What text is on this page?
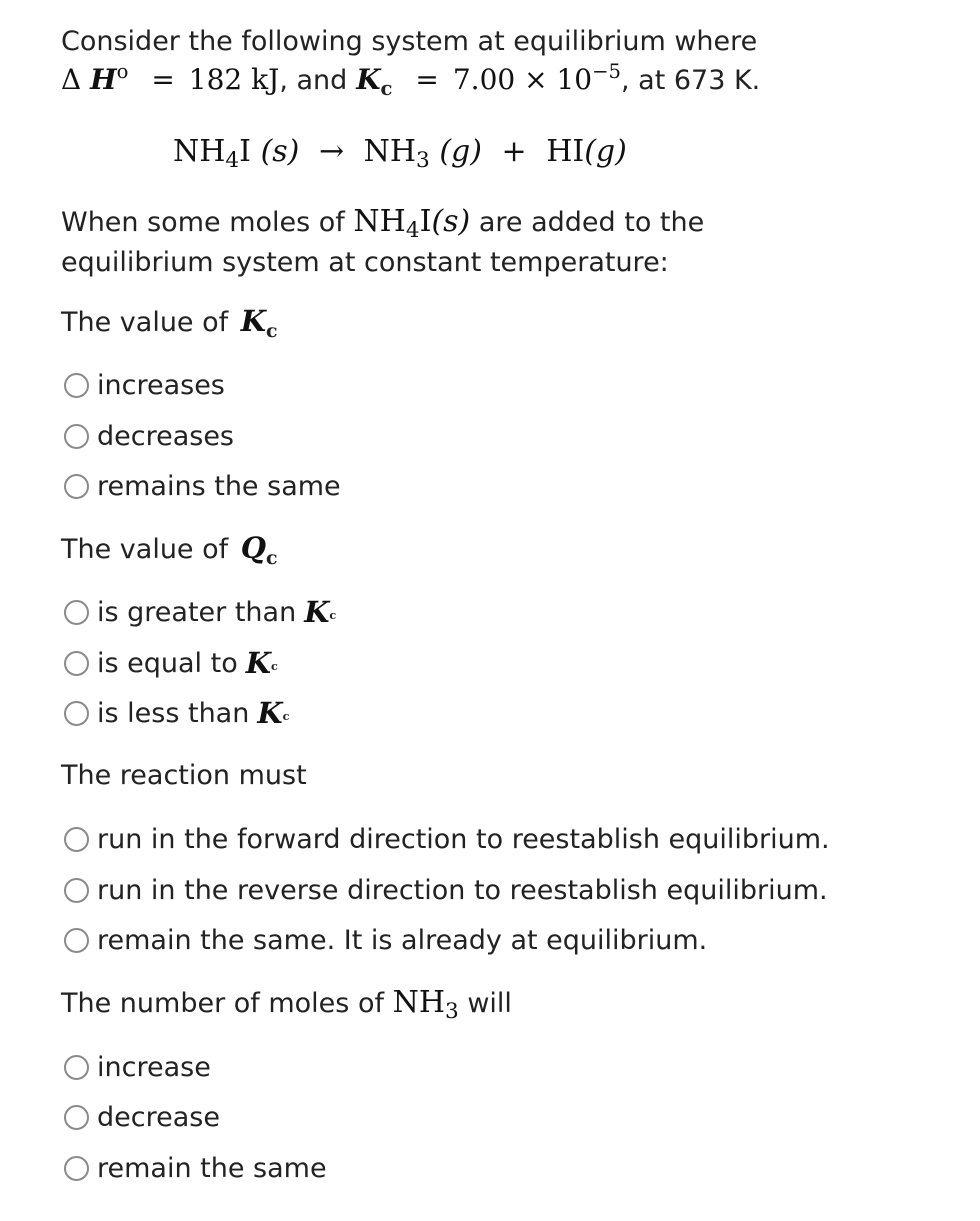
Consider the following system at equilibrium where
Δ $H^o = 182$ kJ, and $K_c = 7.00 \times 10^{-5}$, at 673 K.
$NH_4I$ $(s) \to NH_3$ (g) + HI(g)
When some moles of $NH_4I(s)$ are added to the
equilibrium system at constant temperature:
The value of $K_c$
increases
decreases
remains the same
The value of $Q_c$
is greater than K c
is equal to K c
is less than K c
The reaction must
run in the forward direction to reestablish equilibrium.
run in the reverse direction to reestablish equilibrium.
remain the same. It is already at equilibrium.
The number of moles of $NH_3$ will
increase
decrease
remain the same
